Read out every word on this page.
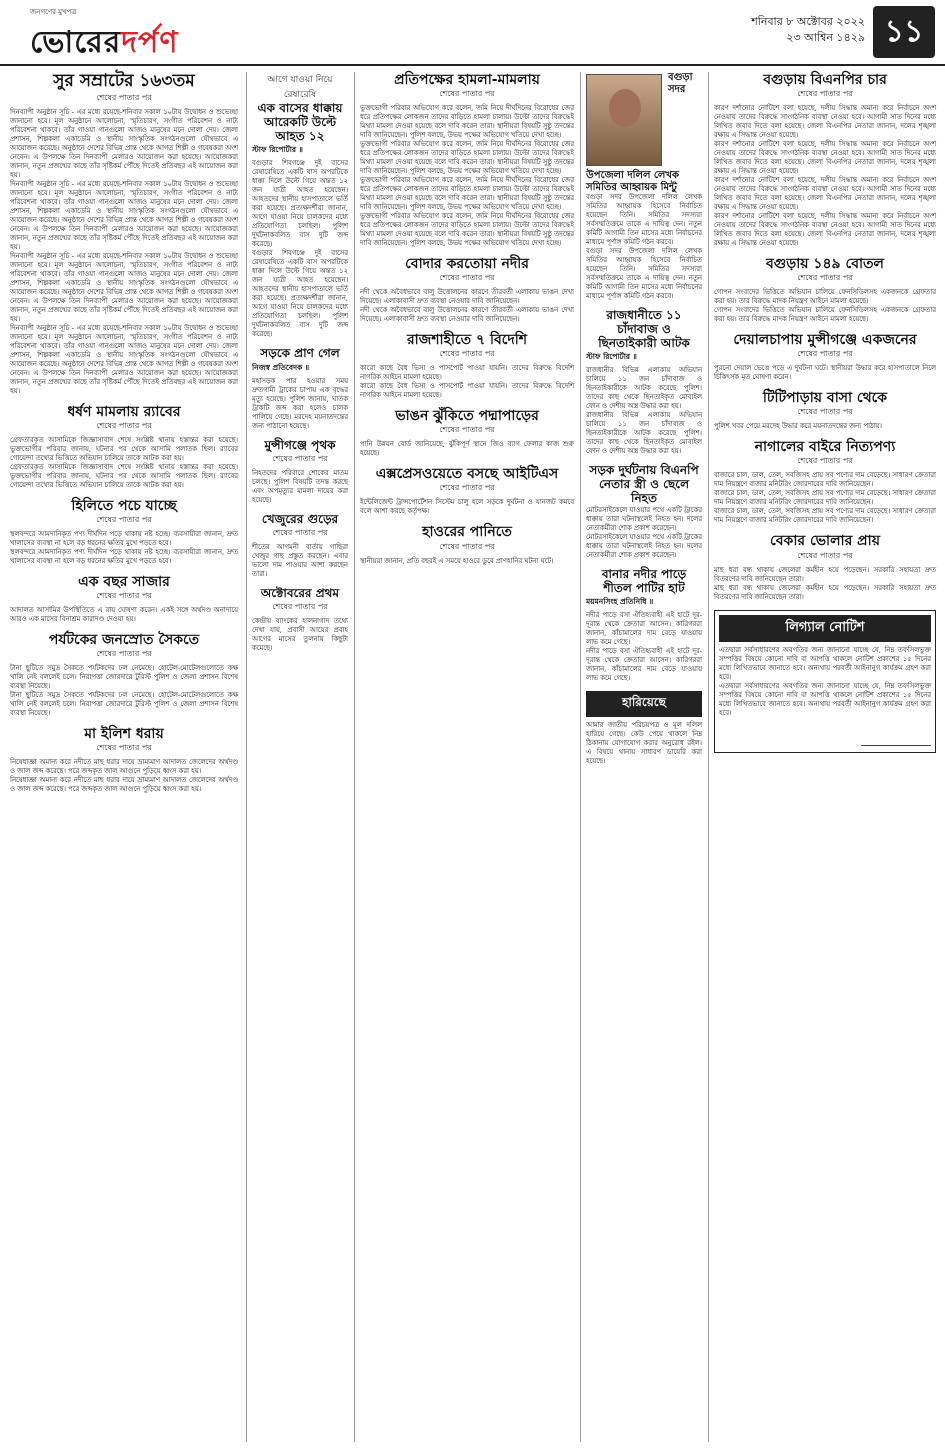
জনগণের মুখপত্র
ভোরেরদর্পণ
শনিবার ৮ অক্টোবর ২০২২
২৩ আশ্বিন ১৪২৯ ১১
সুর সম্রাটের ১৬৩তম
শেষের পাতার পর
দিনব্যাপী অনুষ্ঠান সূচি - এর মধ্যে রয়েছে-শনিবার সকাল ১০টায় উদ্বোধন ও শুভেচ্ছা জানানো হবে। মূল অনুষ্ঠানে আলোচনা, স্মৃতিচারণ, সংগীত পরিবেশন ও নাট্য পরিবেশনা থাকবে। তাঁর গাওয়া গানগুলো আজও মানুষের মনে দোলা দেয়। জেলা প্রশাসন, শিল্পকলা একাডেমি ও স্থানীয় সাংস্কৃতিক সংগঠনগুলো যৌথভাবে এ আয়োজন করেছে। অনুষ্ঠানে দেশের বিভিন্ন প্রান্ত থেকে আগত শিল্পী ও গবেষকরা অংশ নেবেন। এ উপলক্ষে তিন দিনব্যাপী মেলারও আয়োজন করা হয়েছে। আয়োজকরা জানান, নতুন প্রজন্মের কাছে তাঁর সৃষ্টিকর্ম পৌঁছে দিতেই প্রতিবছর এই আয়োজন করা হয়।
দিনব্যাপী অনুষ্ঠান সূচি - এর মধ্যে রয়েছে-শনিবার সকাল ১০টায় উদ্বোধন ও শুভেচ্ছা জানানো হবে। মূল অনুষ্ঠানে আলোচনা, স্মৃতিচারণ, সংগীত পরিবেশন ও নাট্য পরিবেশনা থাকবে। তাঁর গাওয়া গানগুলো আজও মানুষের মনে দোলা দেয়। জেলা প্রশাসন, শিল্পকলা একাডেমি ও স্থানীয় সাংস্কৃতিক সংগঠনগুলো যৌথভাবে এ আয়োজন করেছে। অনুষ্ঠানে দেশের বিভিন্ন প্রান্ত থেকে আগত শিল্পী ও গবেষকরা অংশ নেবেন। এ উপলক্ষে তিন দিনব্যাপী মেলারও আয়োজন করা হয়েছে। আয়োজকরা জানান, নতুন প্রজন্মের কাছে তাঁর সৃষ্টিকর্ম পৌঁছে দিতেই প্রতিবছর এই আয়োজন করা হয়।
দিনব্যাপী অনুষ্ঠান সূচি - এর মধ্যে রয়েছে-শনিবার সকাল ১০টায় উদ্বোধন ও শুভেচ্ছা জানানো হবে। মূল অনুষ্ঠানে আলোচনা, স্মৃতিচারণ, সংগীত পরিবেশন ও নাট্য পরিবেশনা থাকবে। তাঁর গাওয়া গানগুলো আজও মানুষের মনে দোলা দেয়। জেলা প্রশাসন, শিল্পকলা একাডেমি ও স্থানীয় সাংস্কৃতিক সংগঠনগুলো যৌথভাবে এ আয়োজন করেছে। অনুষ্ঠানে দেশের বিভিন্ন প্রান্ত থেকে আগত শিল্পী ও গবেষকরা অংশ নেবেন। এ উপলক্ষে তিন দিনব্যাপী মেলারও আয়োজন করা হয়েছে। আয়োজকরা জানান, নতুন প্রজন্মের কাছে তাঁর সৃষ্টিকর্ম পৌঁছে দিতেই প্রতিবছর এই আয়োজন করা হয়।
দিনব্যাপী অনুষ্ঠান সূচি - এর মধ্যে রয়েছে-শনিবার সকাল ১০টায় উদ্বোধন ও শুভেচ্ছা জানানো হবে। মূল অনুষ্ঠানে আলোচনা, স্মৃতিচারণ, সংগীত পরিবেশন ও নাট্য পরিবেশনা থাকবে। তাঁর গাওয়া গানগুলো আজও মানুষের মনে দোলা দেয়। জেলা প্রশাসন, শিল্পকলা একাডেমি ও স্থানীয় সাংস্কৃতিক সংগঠনগুলো যৌথভাবে এ আয়োজন করেছে। অনুষ্ঠানে দেশের বিভিন্ন প্রান্ত থেকে আগত শিল্পী ও গবেষকরা অংশ নেবেন। এ উপলক্ষে তিন দিনব্যাপী মেলারও আয়োজন করা হয়েছে। আয়োজকরা জানান, নতুন প্রজন্মের কাছে তাঁর সৃষ্টিকর্ম পৌঁছে দিতেই প্রতিবছর এই আয়োজন করা হয়।
ধর্ষণ মামলায় র‌্যাবের
শেষের পাতার পর
গ্রেফতারকৃত আসামিকে জিজ্ঞাসাবাদ শেষে সংশ্লিষ্ট থানায় হস্তান্তর করা হয়েছে। ভুক্তভোগীর পরিবার জানায়, ঘটনার পর থেকে আসামি পলাতক ছিল। র‌্যাবের গোয়েন্দা তথ্যের ভিত্তিতে অভিযান চালিয়ে তাকে আটক করা হয়।
গ্রেফতারকৃত আসামিকে জিজ্ঞাসাবাদ শেষে সংশ্লিষ্ট থানায় হস্তান্তর করা হয়েছে। ভুক্তভোগীর পরিবার জানায়, ঘটনার পর থেকে আসামি পলাতক ছিল। র‌্যাবের গোয়েন্দা তথ্যের ভিত্তিতে অভিযান চালিয়ে তাকে আটক করা হয়।
হিলিতে পচে যাচ্ছে
শেষের পাতার পর
স্থলবন্দরে আমদানিকৃত পণ্য দীর্ঘদিন পড়ে থাকায় নষ্ট হচ্ছে। ব্যবসায়ীরা জানান, দ্রুত খালাসের ব্যবস্থা না হলে বড় ধরনের ক্ষতির মুখে পড়তে হবে।
স্থলবন্দরে আমদানিকৃত পণ্য দীর্ঘদিন পড়ে থাকায় নষ্ট হচ্ছে। ব্যবসায়ীরা জানান, দ্রুত খালাসের ব্যবস্থা না হলে বড় ধরনের ক্ষতির মুখে পড়তে হবে।
এক বছর সাজার
শেষের পাতার পর
আদালত আসামির উপস্থিতিতে এ রায় ঘোষণা করেন। একই সঙ্গে অর্থদণ্ড অনাদায়ে আরও এক মাসের বিনাশ্রম কারাদণ্ড দেওয়া হয়।
পর্যটকের জনস্রোত সৈকতে
শেষের পাতার পর
টানা ছুটিতে সমুদ্র সৈকতে পর্যটকদের ঢল নেমেছে। হোটেল-মোটেলগুলোতে কক্ষ খালি নেই বললেই চলে। নিরাপত্তা জোরদারে টুরিস্ট পুলিশ ও জেলা প্রশাসন বিশেষ ব্যবস্থা নিয়েছে।
টানা ছুটিতে সমুদ্র সৈকতে পর্যটকদের ঢল নেমেছে। হোটেল-মোটেলগুলোতে কক্ষ খালি নেই বললেই চলে। নিরাপত্তা জোরদারে টুরিস্ট পুলিশ ও জেলা প্রশাসন বিশেষ ব্যবস্থা নিয়েছে।
মা ইলিশ ধরায়
শেষের পাতার পর
নিষেধাজ্ঞা অমান্য করে নদীতে মাছ ধরার দায়ে ভ্রাম্যমাণ আদালত জেলেদের অর্থদণ্ড ও জাল জব্দ করেছে। পরে জব্দকৃত জাল আগুনে পুড়িয়ে ধ্বংস করা হয়।
নিষেধাজ্ঞা অমান্য করে নদীতে মাছ ধরার দায়ে ভ্রাম্যমাণ আদালত জেলেদের অর্থদণ্ড ও জাল জব্দ করেছে। পরে জব্দকৃত জাল আগুনে পুড়িয়ে ধ্বংস করা হয়।
আগে যাওয়া নিয়ে রেষারেষি
এক বাসের ধাক্কায় আরেকটি উল্টে আহত ১২
স্টাফ রিপোর্টার ॥
বগুড়ার শিবগঞ্জে দুই বাসের রেষারেষিতে একটি বাস অপরটিকে ধাক্কা দিলে উল্টে গিয়ে অন্তত ১২ জন যাত্রী আহত হয়েছেন। আহতদের স্থানীয় হাসপাতালে ভর্তি করা হয়েছে। প্রত্যক্ষদর্শীরা জানান, আগে যাওয়া নিয়ে চালকদের মধ্যে প্রতিযোগিতা চলছিল। পুলিশ দুর্ঘটনাকবলিত বাস দুটি জব্দ করেছে।
বগুড়ার শিবগঞ্জে দুই বাসের রেষারেষিতে একটি বাস অপরটিকে ধাক্কা দিলে উল্টে গিয়ে অন্তত ১২ জন যাত্রী আহত হয়েছেন। আহতদের স্থানীয় হাসপাতালে ভর্তি করা হয়েছে। প্রত্যক্ষদর্শীরা জানান, আগে যাওয়া নিয়ে চালকদের মধ্যে প্রতিযোগিতা চলছিল। পুলিশ দুর্ঘটনাকবলিত বাস দুটি জব্দ করেছে।
সড়কে প্রাণ গেল
নিজস্ব প্রতিবেদক ॥
মহাসড়ক পার হওয়ার সময় দ্রুতগামী ট্রাকের চাপায় এক বৃদ্ধের মৃত্যু হয়েছে। পুলিশ জানায়, ঘাতক ট্রাকটি জব্দ করা হলেও চালক পালিয়ে গেছে। মরদেহ ময়নাতদন্তের জন্য পাঠানো হয়েছে।
মুন্সীগঞ্জে পৃথক
শেষের পাতার পর
নিহতদের পরিবারে শোকের মাতম চলছে। পুলিশ বিষয়টি তদন্ত করছে এবং অপমৃত্যুর মামলা দায়ের করা হয়েছে।
খেজুরের গুড়ের
শেষের পাতার পর
শীতের আগমনী বার্তায় গাছিরা খেজুর গাছ প্রস্তুত করছেন। এবার ভালো দাম পাওয়ার আশা করছেন তারা।
অক্টোবরের প্রথম
শেষের পাতার পর
কেন্দ্রীয় ব্যাংকের হালনাগাদ তথ্যে দেখা যায়, প্রবাসী আয়ের প্রবাহ আগের মাসের তুলনায় কিছুটা কমেছে।
প্রতিপক্ষের হামলা-মামলায়
শেষের পাতার পর
ভুক্তভোগী পরিবার অভিযোগ করে বলেন, জমি নিয়ে দীর্ঘদিনের বিরোধের জের ধরে প্রতিপক্ষের লোকজন তাদের বাড়িতে হামলা চালায়। উল্টো তাদের বিরুদ্ধেই মিথ্যা মামলা দেওয়া হয়েছে বলে দাবি করেন তারা। স্থানীয়রা বিষয়টি সুষ্ঠু তদন্তের দাবি জানিয়েছেন। পুলিশ বলছে, উভয় পক্ষের অভিযোগ খতিয়ে দেখা হচ্ছে।
ভুক্তভোগী পরিবার অভিযোগ করে বলেন, জমি নিয়ে দীর্ঘদিনের বিরোধের জের ধরে প্রতিপক্ষের লোকজন তাদের বাড়িতে হামলা চালায়। উল্টো তাদের বিরুদ্ধেই মিথ্যা মামলা দেওয়া হয়েছে বলে দাবি করেন তারা। স্থানীয়রা বিষয়টি সুষ্ঠু তদন্তের দাবি জানিয়েছেন। পুলিশ বলছে, উভয় পক্ষের অভিযোগ খতিয়ে দেখা হচ্ছে।
ভুক্তভোগী পরিবার অভিযোগ করে বলেন, জমি নিয়ে দীর্ঘদিনের বিরোধের জের ধরে প্রতিপক্ষের লোকজন তাদের বাড়িতে হামলা চালায়। উল্টো তাদের বিরুদ্ধেই মিথ্যা মামলা দেওয়া হয়েছে বলে দাবি করেন তারা। স্থানীয়রা বিষয়টি সুষ্ঠু তদন্তের দাবি জানিয়েছেন। পুলিশ বলছে, উভয় পক্ষের অভিযোগ খতিয়ে দেখা হচ্ছে।
ভুক্তভোগী পরিবার অভিযোগ করে বলেন, জমি নিয়ে দীর্ঘদিনের বিরোধের জের ধরে প্রতিপক্ষের লোকজন তাদের বাড়িতে হামলা চালায়। উল্টো তাদের বিরুদ্ধেই মিথ্যা মামলা দেওয়া হয়েছে বলে দাবি করেন তারা। স্থানীয়রা বিষয়টি সুষ্ঠু তদন্তের দাবি জানিয়েছেন। পুলিশ বলছে, উভয় পক্ষের অভিযোগ খতিয়ে দেখা হচ্ছে।
বোদার করতোয়া নদীর
শেষের পাতার পর
নদী থেকে অবৈধভাবে বালু উত্তোলনের কারণে তীরবর্তী এলাকায় ভাঙন দেখা দিয়েছে। এলাকাবাসী দ্রুত ব্যবস্থা নেওয়ার দাবি জানিয়েছেন।
নদী থেকে অবৈধভাবে বালু উত্তোলনের কারণে তীরবর্তী এলাকায় ভাঙন দেখা দিয়েছে। এলাকাবাসী দ্রুত ব্যবস্থা নেওয়ার দাবি জানিয়েছেন।
রাজশাহীতে ৭ বিদেশি
শেষের পাতার পর
কারো কাছে বৈধ ভিসা ও পাসপোর্ট পাওয়া যায়নি। তাদের বিরুদ্ধে বিদেশি নাগরিক আইনে মামলা হয়েছে।
কারো কাছে বৈধ ভিসা ও পাসপোর্ট পাওয়া যায়নি। তাদের বিরুদ্ধে বিদেশি নাগরিক আইনে মামলা হয়েছে।
ভাঙন ঝুঁকিতে পদ্মাপাড়ের
শেষের পাতার পর
পানি উন্নয়ন বোর্ড জানিয়েছে, ঝুঁকিপূর্ণ স্থানে জিও ব্যাগ ফেলার কাজ শুরু হয়েছে।
এক্সপ্রেসওয়েতে বসছে আইটিএস
শেষের পাতার পর
ইন্টেলিজেন্ট ট্রান্সপোর্টেশন সিস্টেম চালু হলে সড়কে দুর্ঘটনা ও যানজট কমবে বলে আশা করছে কর্তৃপক্ষ।
হাওরের পানিতে
শেষের পাতার পর
স্থানীয়রা জানান, প্রতি বছরই এ সময়ে হাওরে ডুবে প্রাণহানির ঘটনা ঘটে।
বগুড়া সদর উপজেলা দলিল লেখক সমিতির আহ্বায়ক মিন্টু
বগুড়া সদর উপজেলা দলিল লেখক সমিতির আহ্বায়ক হিসেবে নির্বাচিত হয়েছেন তিনি। সমিতির সদস্যরা সর্বসম্মতিক্রমে তাকে এ দায়িত্ব দেন। নতুন কমিটি আগামী তিন মাসের মধ্যে নির্বাচনের মাধ্যমে পূর্ণাঙ্গ কমিটি গঠন করবে।
বগুড়া সদর উপজেলা দলিল লেখক সমিতির আহ্বায়ক হিসেবে নির্বাচিত হয়েছেন তিনি। সমিতির সদস্যরা সর্বসম্মতিক্রমে তাকে এ দায়িত্ব দেন। নতুন কমিটি আগামী তিন মাসের মধ্যে নির্বাচনের মাধ্যমে পূর্ণাঙ্গ কমিটি গঠন করবে।
রাজধানীতে ১১ চাঁদাবাজ ও ছিনতাইকারী আটক
স্টাফ রিপোর্টার ॥
রাজধানীর বিভিন্ন এলাকায় অভিযান চালিয়ে ১১ জন চাঁদাবাজ ও ছিনতাইকারীকে আটক করেছে পুলিশ। তাদের কাছ থেকে ছিনতাইকৃত মোবাইল ফোন ও দেশীয় অস্ত্র উদ্ধার করা হয়।
রাজধানীর বিভিন্ন এলাকায় অভিযান চালিয়ে ১১ জন চাঁদাবাজ ও ছিনতাইকারীকে আটক করেছে পুলিশ। তাদের কাছ থেকে ছিনতাইকৃত মোবাইল ফোন ও দেশীয় অস্ত্র উদ্ধার করা হয়।
সড়ক দুর্ঘটনায় বিএনপি নেতার স্ত্রী ও ছেলে নিহত
মোটরসাইকেলে যাওয়ার পথে একটি ট্রাকের ধাক্কায় তারা ঘটনাস্থলেই নিহত হন। দলের নেতাকর্মীরা শোক প্রকাশ করেছেন।
মোটরসাইকেলে যাওয়ার পথে একটি ট্রাকের ধাক্কায় তারা ঘটনাস্থলেই নিহত হন। দলের নেতাকর্মীরা শোক প্রকাশ করেছেন।
বানার নদীর পাড়ে শীতল পাটির হাট
ময়মনসিংহ প্রতিনিধি ॥
নদীর পাড়ে বসা ঐতিহ্যবাহী এই হাটে দূর-দূরান্ত থেকে ক্রেতারা আসেন। কারিগররা জানান, কাঁচামালের দাম বেড়ে যাওয়ায় লাভ কমে গেছে।
নদীর পাড়ে বসা ঐতিহ্যবাহী এই হাটে দূর-দূরান্ত থেকে ক্রেতারা আসেন। কারিগররা জানান, কাঁচামালের দাম বেড়ে যাওয়ায় লাভ কমে গেছে।
হারিয়েছে
আমার জাতীয় পরিচয়পত্র ও মূল দলিল হারিয়ে গেছে। কেউ পেয়ে থাকলে নিম্ন ঠিকানায় যোগাযোগ করার অনুরোধ রইল। এ বিষয়ে থানায় সাধারণ ডায়েরি করা হয়েছে।
বগুড়ায় বিএনপির চার
শেষের পাতার পর
কারণ দর্শানোর নোটিশে বলা হয়েছে, দলীয় সিদ্ধান্ত অমান্য করে নির্বাচনে অংশ নেওয়ায় তাদের বিরুদ্ধে সাংগঠনিক ব্যবস্থা নেওয়া হবে। আগামী সাত দিনের মধ্যে লিখিত জবাব দিতে বলা হয়েছে। জেলা বিএনপির নেতারা জানান, দলের শৃঙ্খলা রক্ষায় এ সিদ্ধান্ত নেওয়া হয়েছে।
কারণ দর্শানোর নোটিশে বলা হয়েছে, দলীয় সিদ্ধান্ত অমান্য করে নির্বাচনে অংশ নেওয়ায় তাদের বিরুদ্ধে সাংগঠনিক ব্যবস্থা নেওয়া হবে। আগামী সাত দিনের মধ্যে লিখিত জবাব দিতে বলা হয়েছে। জেলা বিএনপির নেতারা জানান, দলের শৃঙ্খলা রক্ষায় এ সিদ্ধান্ত নেওয়া হয়েছে।
কারণ দর্শানোর নোটিশে বলা হয়েছে, দলীয় সিদ্ধান্ত অমান্য করে নির্বাচনে অংশ নেওয়ায় তাদের বিরুদ্ধে সাংগঠনিক ব্যবস্থা নেওয়া হবে। আগামী সাত দিনের মধ্যে লিখিত জবাব দিতে বলা হয়েছে। জেলা বিএনপির নেতারা জানান, দলের শৃঙ্খলা রক্ষায় এ সিদ্ধান্ত নেওয়া হয়েছে।
কারণ দর্শানোর নোটিশে বলা হয়েছে, দলীয় সিদ্ধান্ত অমান্য করে নির্বাচনে অংশ নেওয়ায় তাদের বিরুদ্ধে সাংগঠনিক ব্যবস্থা নেওয়া হবে। আগামী সাত দিনের মধ্যে লিখিত জবাব দিতে বলা হয়েছে। জেলা বিএনপির নেতারা জানান, দলের শৃঙ্খলা রক্ষায় এ সিদ্ধান্ত নেওয়া হয়েছে।
বগুড়ায় ১৪৯ বোতল
শেষের পাতার পর
গোপন সংবাদের ভিত্তিতে অভিযান চালিয়ে ফেনসিডিলসহ একজনকে গ্রেফতার করা হয়। তার বিরুদ্ধে মাদক নিয়ন্ত্রণ আইনে মামলা হয়েছে।
গোপন সংবাদের ভিত্তিতে অভিযান চালিয়ে ফেনসিডিলসহ একজনকে গ্রেফতার করা হয়। তার বিরুদ্ধে মাদক নিয়ন্ত্রণ আইনে মামলা হয়েছে।
দেয়ালচাপায় মুন্সীগঞ্জে একজনের
শেষের পাতার পর
পুরনো দেয়াল ভেঙে পড়ে এ দুর্ঘটনা ঘটে। স্থানীয়রা উদ্ধার করে হাসপাতালে নিলে চিকিৎসক মৃত ঘোষণা করেন।
টিটিপাড়ায় বাসা থেকে
শেষের পাতার পর
পুলিশ খবর পেয়ে মরদেহ উদ্ধার করে ময়নাতদন্তের জন্য পাঠায়।
নাগালের বাইরে নিত্যপণ্য
শেষের পাতার পর
বাজারে চাল, ডাল, তেল, সবজিসহ প্রায় সব পণ্যের দাম বেড়েছে। সাধারণ ক্রেতারা দাম নিয়ন্ত্রণে বাজার মনিটরিং জোরদারের দাবি জানিয়েছেন।
বাজারে চাল, ডাল, তেল, সবজিসহ প্রায় সব পণ্যের দাম বেড়েছে। সাধারণ ক্রেতারা দাম নিয়ন্ত্রণে বাজার মনিটরিং জোরদারের দাবি জানিয়েছেন।
বাজারে চাল, ডাল, তেল, সবজিসহ প্রায় সব পণ্যের দাম বেড়েছে। সাধারণ ক্রেতারা দাম নিয়ন্ত্রণে বাজার মনিটরিং জোরদারের দাবি জানিয়েছেন।
বেকার ভোলার প্রায়
শেষের পাতার পর
মাছ ধরা বন্ধ থাকায় জেলেরা কর্মহীন হয়ে পড়েছেন। সরকারি সহায়তা দ্রুত বিতরণের দাবি জানিয়েছেন তারা।
মাছ ধরা বন্ধ থাকায় জেলেরা কর্মহীন হয়ে পড়েছেন। সরকারি সহায়তা দ্রুত বিতরণের দাবি জানিয়েছেন তারা।
লিগ্যাল নোটিশ
এতদ্বারা সর্বসাধারণের অবগতির জন্য জানানো যাচ্ছে যে, নিম্ন তফসিলভুক্ত সম্পত্তির বিষয়ে কোনো দাবি বা আপত্তি থাকলে নোটিশ প্রকাশের ১৫ দিনের মধ্যে লিখিতভাবে জানাতে হবে। অন্যথায় পরবর্তী আইনানুগ কার্যক্রম গ্রহণ করা হবে।
এতদ্বারা সর্বসাধারণের অবগতির জন্য জানানো যাচ্ছে যে, নিম্ন তফসিলভুক্ত সম্পত্তির বিষয়ে কোনো দাবি বা আপত্তি থাকলে নোটিশ প্রকাশের ১৫ দিনের মধ্যে লিখিতভাবে জানাতে হবে। অন্যথায় পরবর্তী আইনানুগ কার্যক্রম গ্রহণ করা হবে।
